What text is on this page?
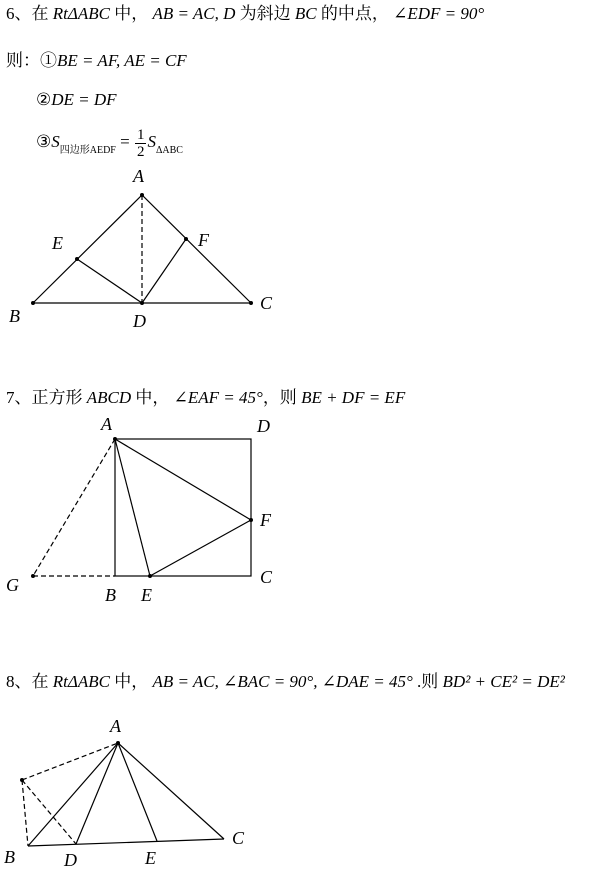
6、在 RtΔABC 中， AB = AC, D 为斜边 BC 的中点， ∠EDF = 90°
则：①BE = AF, AE = CF
②DE = DF
$③S_{四边形AEDF} = \frac{1}{2} S_{\Delta ABC}$
A
E	F
B	D
C
7、正方形 ABCD 中， ∠EAF = 45°，则 BE + DF = EF
A	D
F
C
G	B E
8、在 RtΔABC 中， AB = AC, ∠BAC = 90°, ∠DAE = 45° .则 BD² + CE² = DE²
A
B	D	E
C
